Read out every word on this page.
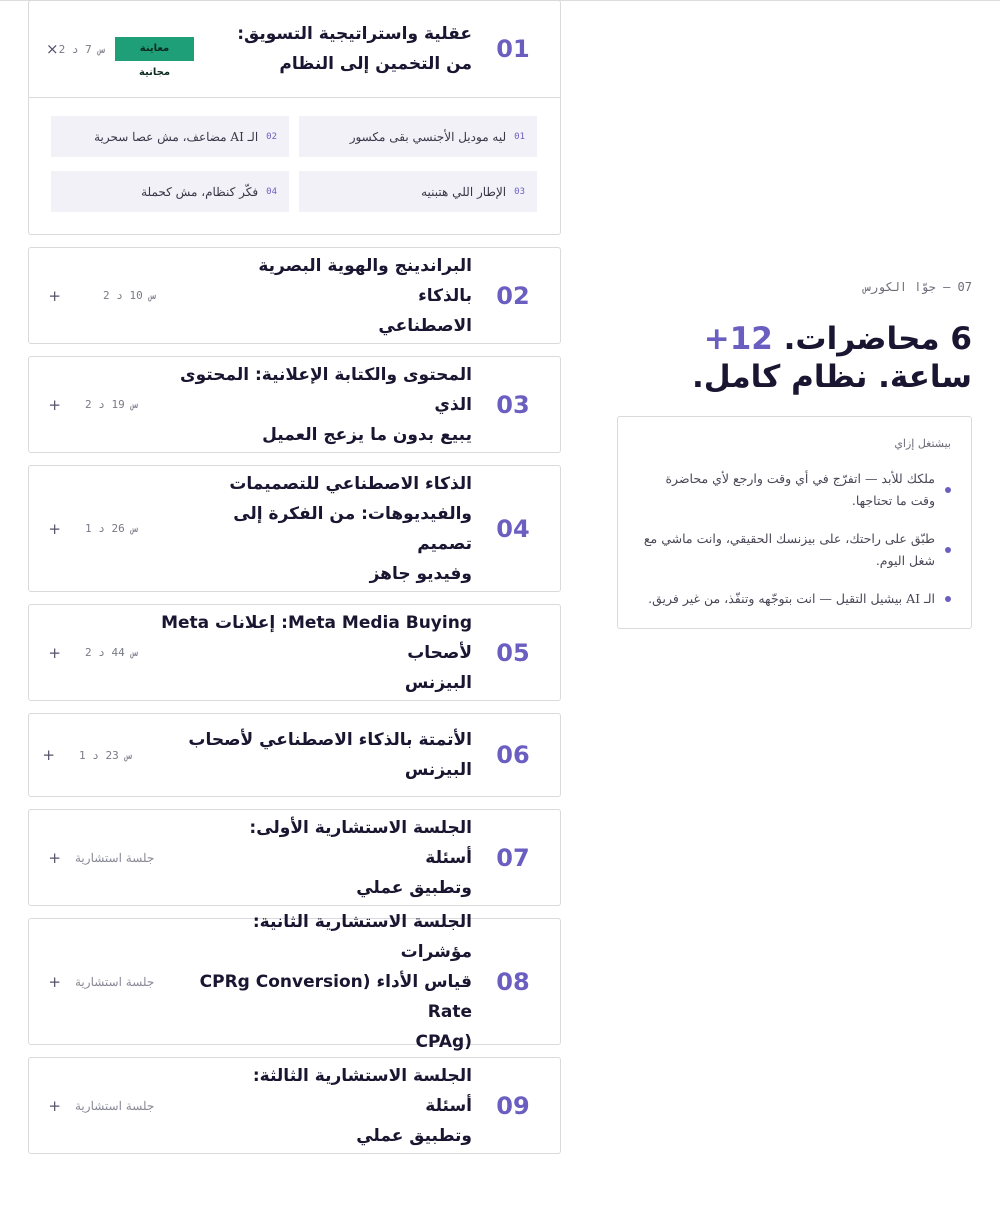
01
عقلية واستراتيجية التسويق:
من التخمين إلى النظام
معاينة مجانية
2 س 7 د
×
01
ليه موديل الأجنسي بقى مكسور
02
الـ AI مضاعف، مش عصا سحرية
03
الإطار اللي هتبنيه
04
فكّر كنظام، مش كحملة
02
البراندينج والهوية البصرية بالذكاء
الاصطناعي
2 س 10 د
+
03
المحتوى والكتابة الإعلانية: المحتوى الذي
يبيع بدون ما يزعج العميل
2 س 19 د
+
04
الذكاء الاصطناعي للتصميمات
والفيديوهات: من الفكرة إلى تصميم
وفيديو جاهز
1 س 26 د
+
05
Meta Media Buying: إعلانات Meta لأصحاب
البيزنس
2 س 44 د
+
06
الأتمتة بالذكاء الاصطناعي لأصحاب البيزنس
1 س 23 د
+
07
الجلسة الاستشارية الأولى: أسئلة
وتطبيق عملي
جلسة استشارية
+
08
الجلسة الاستشارية الثانية: مؤشرات
قياس الأداء (CPRg Conversion Rate
(CPAg
جلسة استشارية
+
09
الجلسة الاستشارية الثالثة: أسئلة
وتطبيق عملي
جلسة استشارية
+
07 — جوّا الكورس
6 محاضرات. 12+
ساعة. نظام كامل.
بيشتغل إزاي
ملكك للأبد — اتفرّج في أي وقت وارجع لأي محاضرة
وقت ما تحتاجها.
طبّق على راحتك، على بيزنسك الحقيقي، وانت ماشي مع
شغل اليوم.
الـ AI بيشيل التقيل — انت بتوجّهه وتنفّذ، من غير فريق.
